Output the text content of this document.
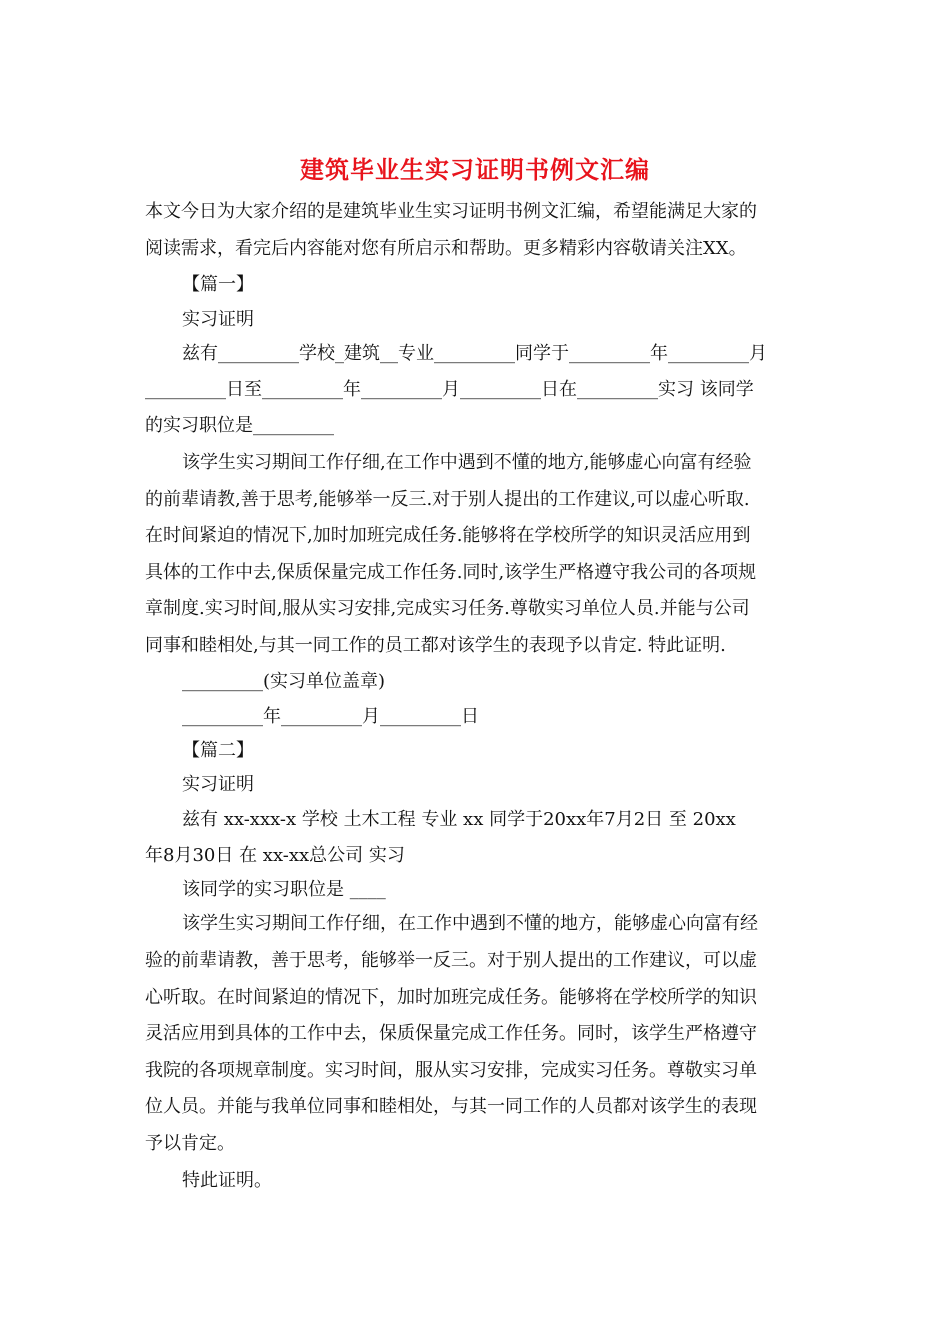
建筑毕业生实习证明书例文汇编
本文今日为大家介绍的是建筑毕业生实习证明书例文汇编，希望能满足大家的
阅读需求，看完后内容能对您有所启示和帮助。更多精彩内容敬请关注XX。
【篇一】
实习证明
兹有_________学校_建筑__专业_________同学于_________年_________月
_________日至_________年_________月_________日在_________实习 该同学
的实习职位是_________
该学生实习期间工作仔细,在工作中遇到不懂的地方,能够虚心向富有经验
的前辈请教,善于思考,能够举一反三.对于别人提出的工作建议,可以虚心听取.
在时间紧迫的情况下,加时加班完成任务.能够将在学校所学的知识灵活应用到
具体的工作中去,保质保量完成工作任务.同时,该学生严格遵守我公司的各项规
章制度.实习时间,服从实习安排,完成实习任务.尊敬实习单位人员.并能与公司
同事和睦相处,与其一同工作的员工都对该学生的表现予以肯定. 特此证明.
_________(实习单位盖章)
_________年_________月_________日
【篇二】
实习证明
兹有 xx-xxx-x 学校 土木工程 专业 xx 同学于20xx年7月2日 至 20xx
年8月30日 在 xx-xx总公司 实习
该同学的实习职位是 ____
该学生实习期间工作仔细，在工作中遇到不懂的地方，能够虚心向富有经
验的前辈请教，善于思考，能够举一反三。对于别人提出的工作建议，可以虚
心听取。在时间紧迫的情况下，加时加班完成任务。能够将在学校所学的知识
灵活应用到具体的工作中去，保质保量完成工作任务。同时，该学生严格遵守
我院的各项规章制度。实习时间，服从实习安排，完成实习任务。尊敬实习单
位人员。并能与我单位同事和睦相处，与其一同工作的人员都对该学生的表现
予以肯定。
特此证明。
